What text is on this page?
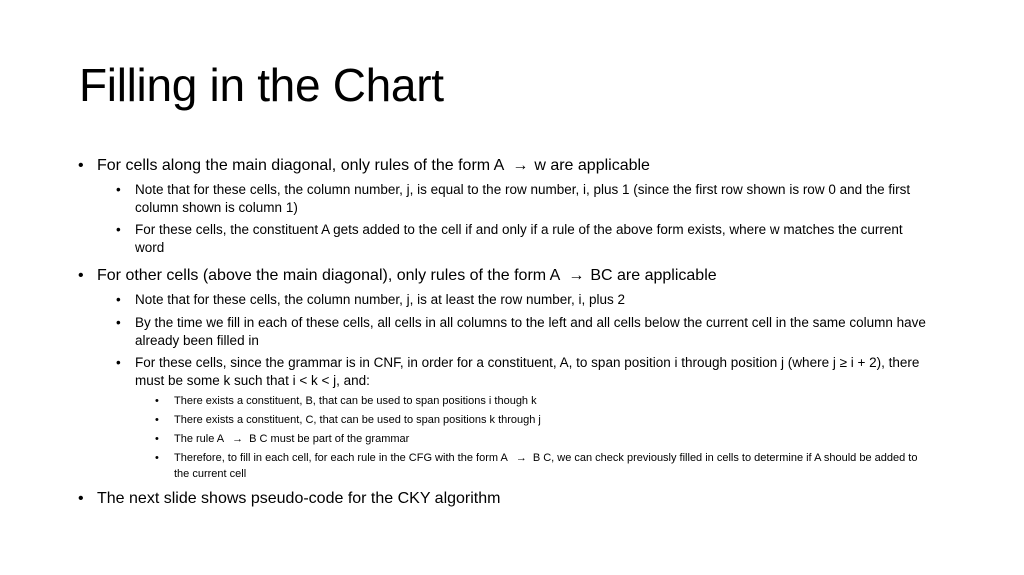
Filling in the Chart
• For cells along the main diagonal, only rules of the form A → w are applicable
• Note that for these cells, the column number, j, is equal to the row number, i, plus 1 (since the first row shown is row 0 and the first column shown is column 1)
• For these cells, the constituent A gets added to the cell if and only if a rule of the above form exists, where w matches the current word
• For other cells (above the main diagonal), only rules of the form A → BC are applicable
• Note that for these cells, the column number, j, is at least the row number, i, plus 2
• By the time we fill in each of these cells, all cells in all columns to the left and all cells below the current cell in the same column have already been filled in
• For these cells, since the grammar is in CNF, in order for a constituent, A, to span position i through position j (where j ≥ i + 2), there must be some k such that i < k < j, and:
• There exists a constituent, B, that can be used to span positions i though k
• There exists a constituent, C, that can be used to span positions k through j
• The rule A → B C must be part of the grammar
• Therefore, to fill in each cell, for each rule in the CFG with the form A → B C, we can check previously filled in cells to determine if A should be added to the current cell
• The next slide shows pseudo-code for the CKY algorithm
